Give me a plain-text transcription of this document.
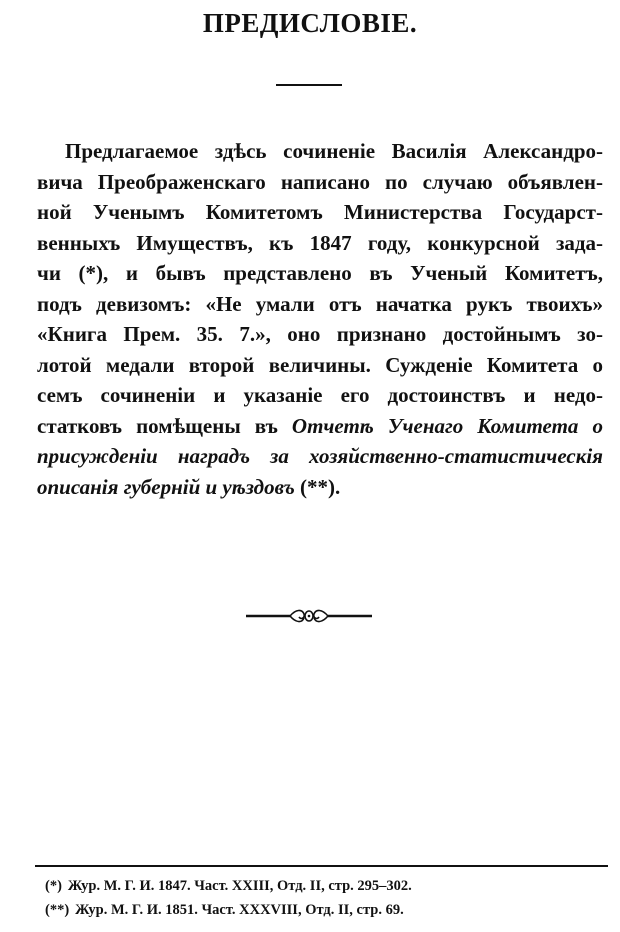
ПРЕДИСЛОВІЕ.
Предлагаемое здѣсь сочиненіе Василія Александро-
вича Преображенскаго написано по случаю объявлен-
ной Ученымъ Комитетомъ Министерства Государст-
венныхъ Имуществъ, къ 1847 году, конкурсной зада-
чи (*), и бывъ представлено въ Ученый Комитетъ,
подъ девизомъ: «Не умали отъ начатка рукъ твоихъ»
«Книга Прем. 35. 7.», оно признано достойнымъ зо-
лотой медали второй величины. Сужденіе Комитета о
семъ сочиненіи и указаніе его достоинствъ и недо-
статковъ помѣщены въ Отчетѣ Ученаго Комитета о
присужденіи наградъ за хозяйственно-статистическія
описанія губерній и уѣздовъ (**).
(*) Жур. М. Г. И. 1847. Част. XXIII, Отд. II, стр. 295–302.
(**) Жур. М. Г. И. 1851. Част. XXXVIII, Отд. II, стр. 69.
